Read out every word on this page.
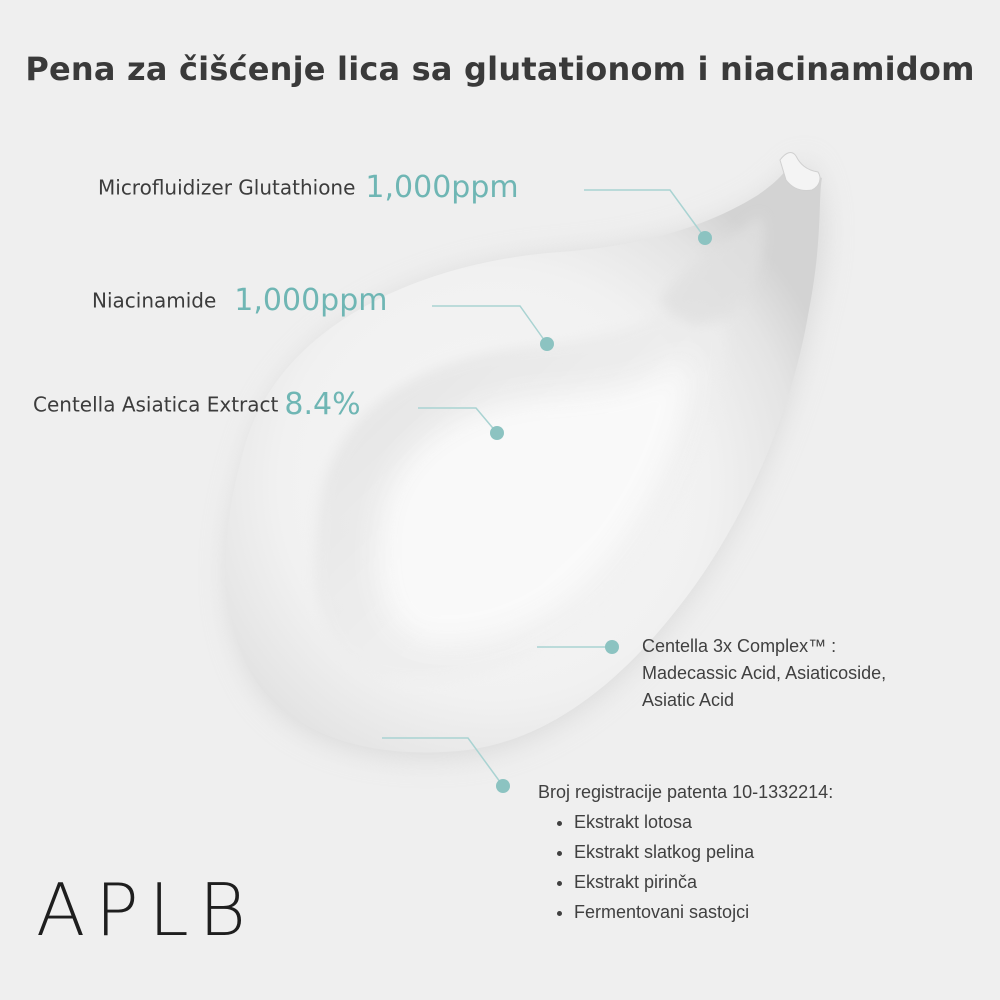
Pena za čišćenje lica sa glutationom i niacinamidom
Microfluidizer Glutathione 1,000ppm
Niacinamide 1,000ppm
Centella Asiatica Extract 8.4%
Centella 3x Complex™ :
Madecassic Acid, Asiaticoside,
Asiatic Acid
Broj registracije patenta 10-1332214:
• Ekstrakt lotosa
• Ekstrakt slatkog pelina
• Ekstrakt pirinča
• Fermentovani sastojci
APLB
